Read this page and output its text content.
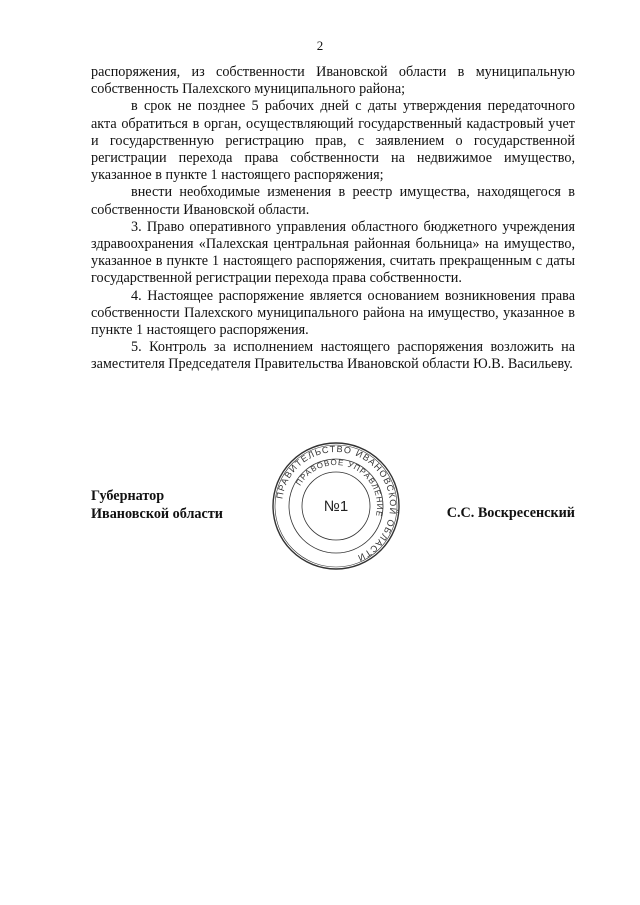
2

распоряжения, из собственности Ивановской области в муниципальную собственность Палехского муниципального района;

в срок не позднее 5 рабочих дней с даты утверждения передаточного акта обратиться в орган, осуществляющий государственный кадастровый учет и государственную регистрацию прав, с заявлением о государственной регистрации перехода права собственности на недвижимое имущество, указанное в пункте 1 настоящего распоряжения;

внести необходимые изменения в реестр имущества, находящегося в собственности Ивановской области.

3. Право оперативного управления областного бюджетного учреждения здравоохранения «Палехская центральная районная больница» на имущество, указанное в пункте 1 настоящего распоряжения, считать прекращенным с даты государственной регистрации перехода права собственности.

4. Настоящее распоряжение является основанием возникновения права собственности Палехского муниципального района на имущество, указанное в пункте 1 настоящего распоряжения.

5. Контроль за исполнением настоящего распоряжения возложить на заместителя Председателя Правительства Ивановской области Ю.В. Васильеву.

Губернатор
Ивановской области	С.С. Воскресенский
ПРАВИТЕЛЬСТВО ИВАНОВСКОЙ ОБЛАСТИ
ПРАВОВОЕ УПРАВЛЕНИЕ
№1
